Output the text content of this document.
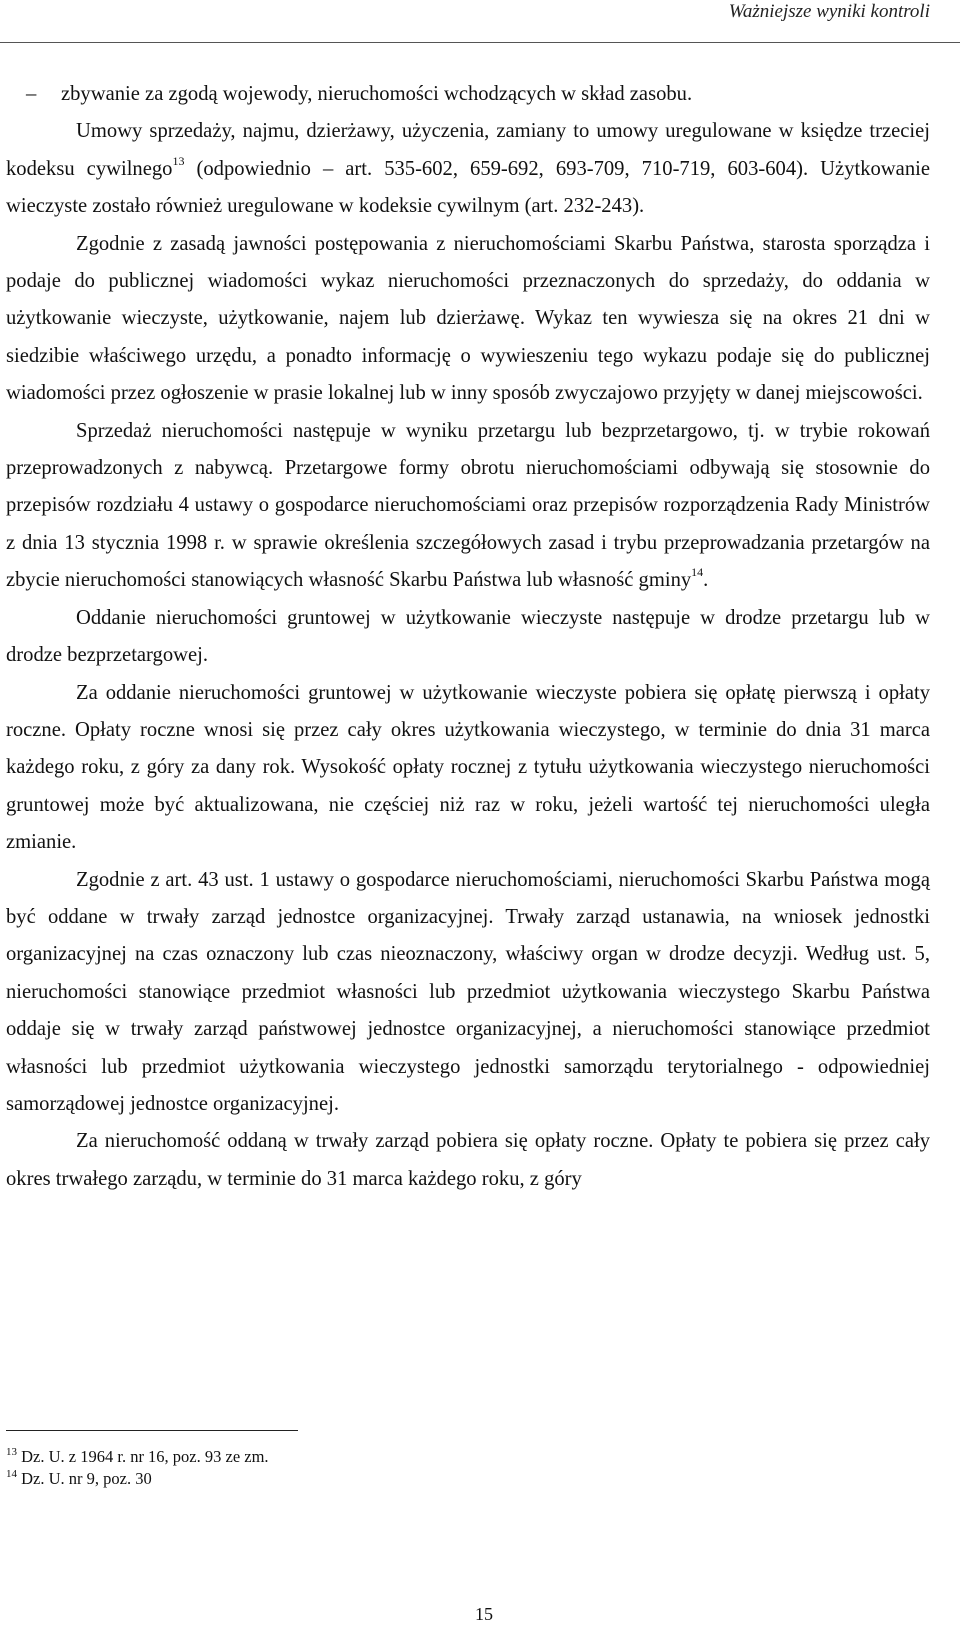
Ważniejsze wyniki kontroli

– zbywanie za zgodą wojewody, nieruchomości wchodzących w skład zasobu.

Umowy sprzedaży, najmu, dzierżawy, użyczenia, zamiany to umowy uregulowane w księdze trzeciej kodeksu cywilnego$^{13}$ (odpowiednio – art. 535-602, 659-692, 693-709, 710-719, 603-604). Użytkowanie wieczyste zostało również uregulowane w kodeksie cywilnym (art. 232-243).

Zgodnie z zasadą jawności postępowania z nieruchomościami Skarbu Państwa, starosta sporządza i podaje do publicznej wiadomości wykaz nieruchomości przeznaczonych do sprzedaży, do oddania w użytkowanie wieczyste, użytkowanie, najem lub dzierżawę. Wykaz ten wywiesza się na okres 21 dni w siedzibie właściwego urzędu, a ponadto informację o wywieszeniu tego wykazu podaje się do publicznej wiadomości przez ogłoszenie w prasie lokalnej lub w inny sposób zwyczajowo przyjęty w danej miejscowości.

Sprzedaż nieruchomości następuje w wyniku przetargu lub bezprzetargowo, tj. w trybie rokowań przeprowadzonych z nabywcą. Przetargowe formy obrotu nieruchomościami odbywają się stosownie do przepisów rozdziału 4 ustawy o gospodarce nieruchomościami oraz przepisów rozporządzenia Rady Ministrów z dnia 13 stycznia 1998 r. w sprawie określenia szczegółowych zasad i trybu przeprowadzania przetargów na zbycie nieruchomości stanowiących własność Skarbu Państwa lub własność gminy$^{14}$.

Oddanie nieruchomości gruntowej w użytkowanie wieczyste następuje w drodze przetargu lub w drodze bezprzetargowej.

Za oddanie nieruchomości gruntowej w użytkowanie wieczyste pobiera się opłatę pierwszą i opłaty roczne. Opłaty roczne wnosi się przez cały okres użytkowania wieczystego, w terminie do dnia 31 marca każdego roku, z góry za dany rok. Wysokość opłaty rocznej z tytułu użytkowania wieczystego nieruchomości gruntowej może być aktualizowana, nie częściej niż raz w roku, jeżeli wartość tej nieruchomości uległa zmianie.

Zgodnie z art. 43 ust. 1 ustawy o gospodarce nieruchomościami, nieruchomości Skarbu Państwa mogą być oddane w trwały zarząd jednostce organizacyjnej. Trwały zarząd ustanawia, na wniosek jednostki organizacyjnej na czas oznaczony lub czas nieoznaczony, właściwy organ w drodze decyzji. Według ust. 5, nieruchomości stanowiące przedmiot własności lub przedmiot użytkowania wieczystego Skarbu Państwa oddaje się w trwały zarząd państwowej jednostce organizacyjnej, a nieruchomości stanowiące przedmiot własności lub przedmiot użytkowania wieczystego jednostki samorządu terytorialnego - odpowiedniej samorządowej jednostce organizacyjnej.

Za nieruchomość oddaną w trwały zarząd pobiera się opłaty roczne. Opłaty te pobiera się przez cały okres trwałego zarządu, w terminie do 31 marca każdego roku, z góry

$^{13}$ Dz. U. z 1964 r. nr 16, poz. 93 ze zm.
$^{14}$ Dz. U. nr 9, poz. 30
15
